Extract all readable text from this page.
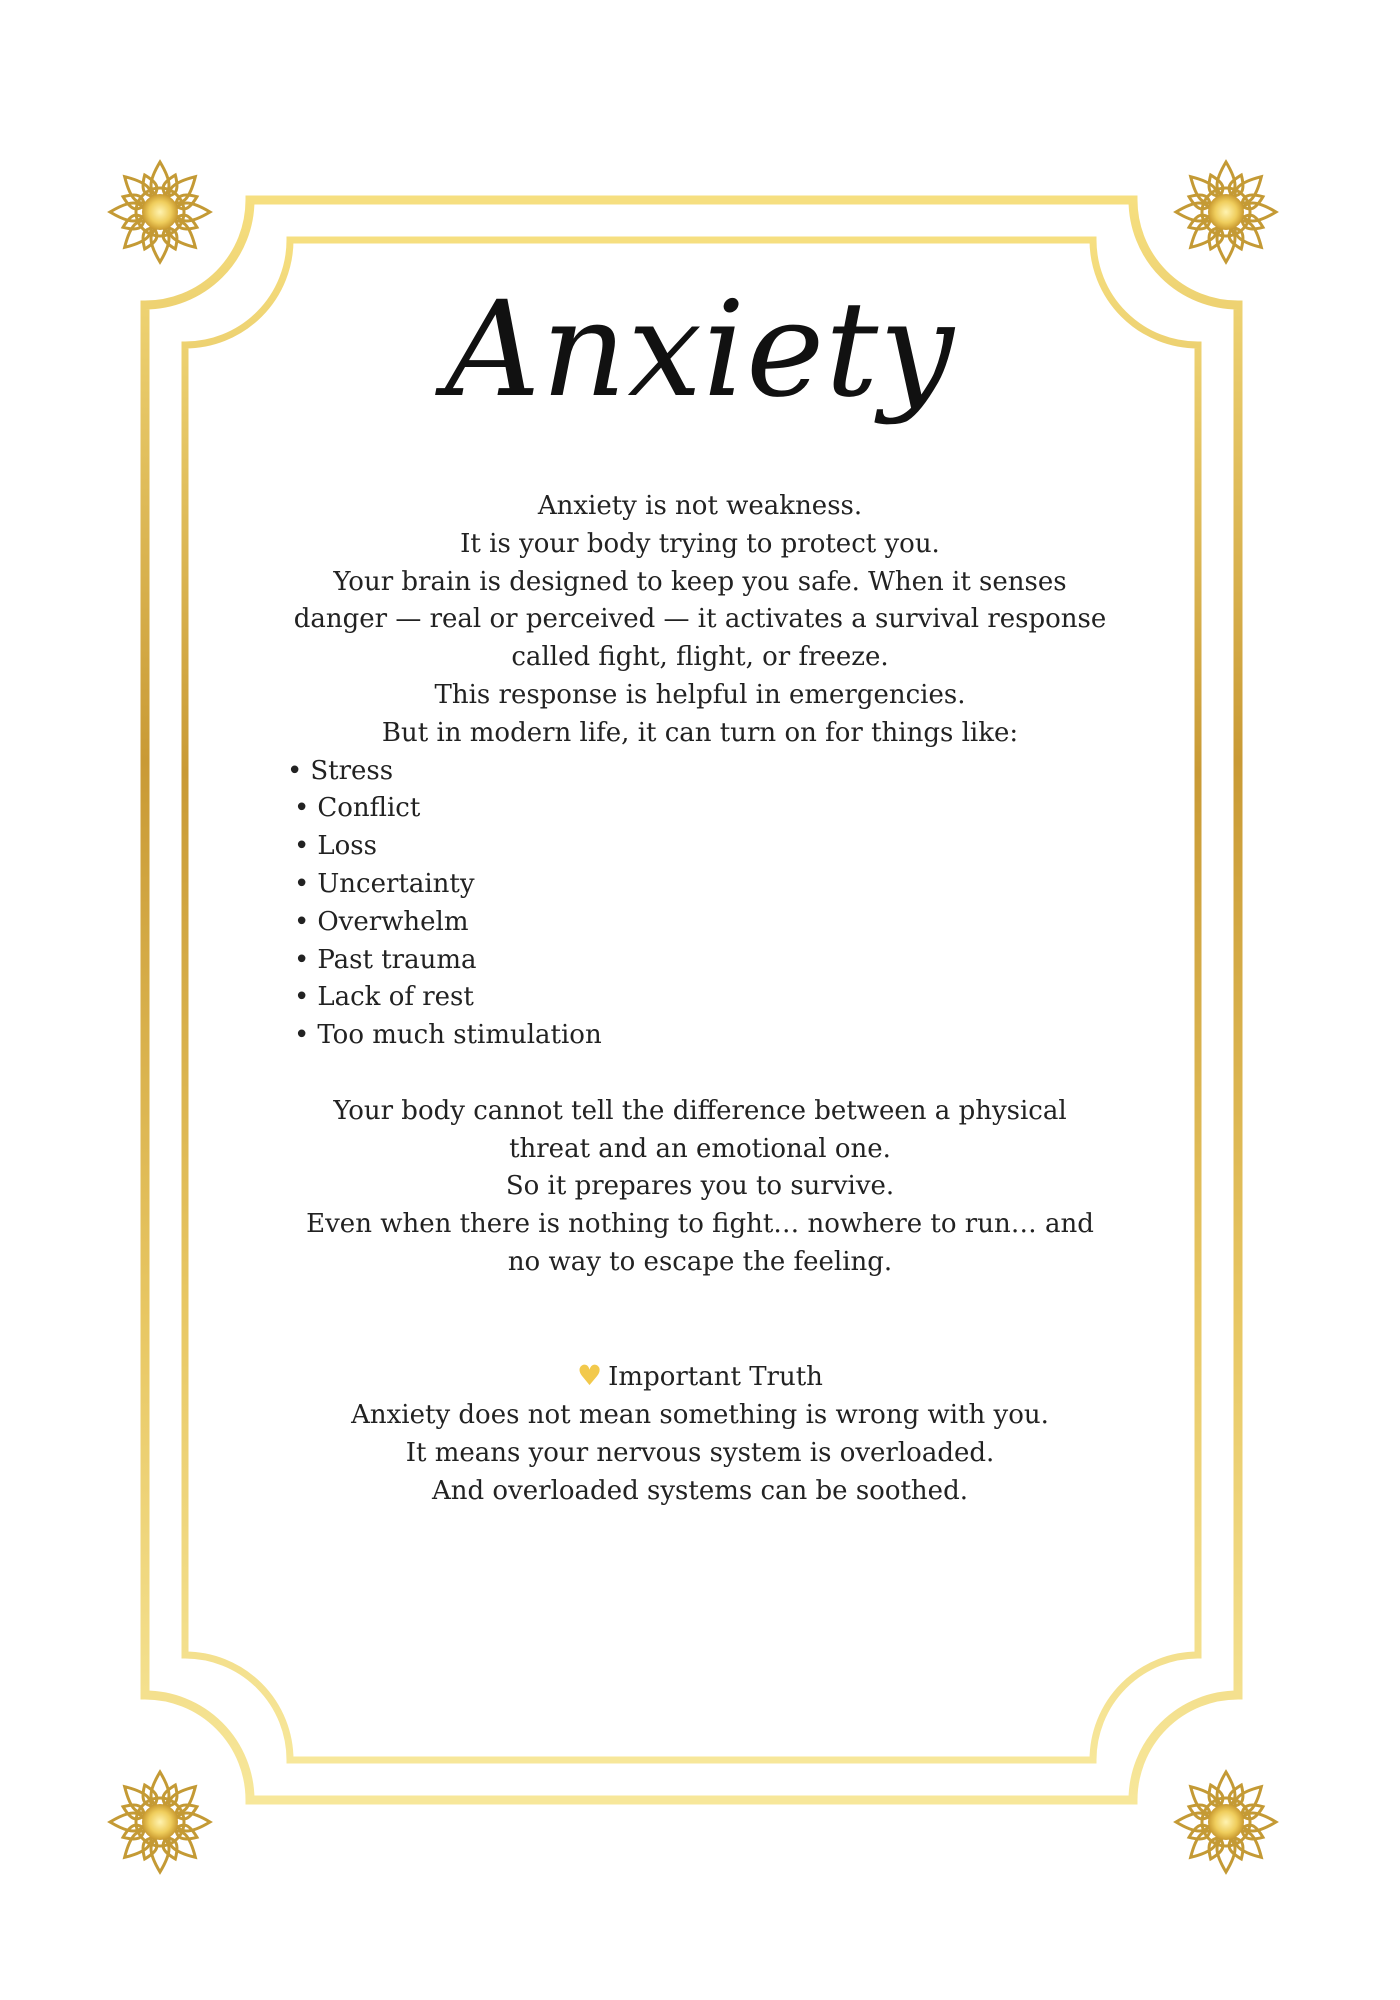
Anxiety
Anxiety is not weakness.
It is your body trying to protect you.
Your brain is designed to keep you safe. When it senses
danger — real or perceived — it activates a survival response
called fight, flight, or freeze.
This response is helpful in emergencies.
But in modern life, it can turn on for things like:
• Stress
• Conflict
• Loss
• Uncertainty
• Overwhelm
• Past trauma
• Lack of rest
• Too much stimulation
Your body cannot tell the difference between a physical
threat and an emotional one.
So it prepares you to survive.
Even when there is nothing to fight… nowhere to run… and
no way to escape the feeling.
♥ Important Truth
Anxiety does not mean something is wrong with you.
It means your nervous system is overloaded.
And overloaded systems can be soothed.
